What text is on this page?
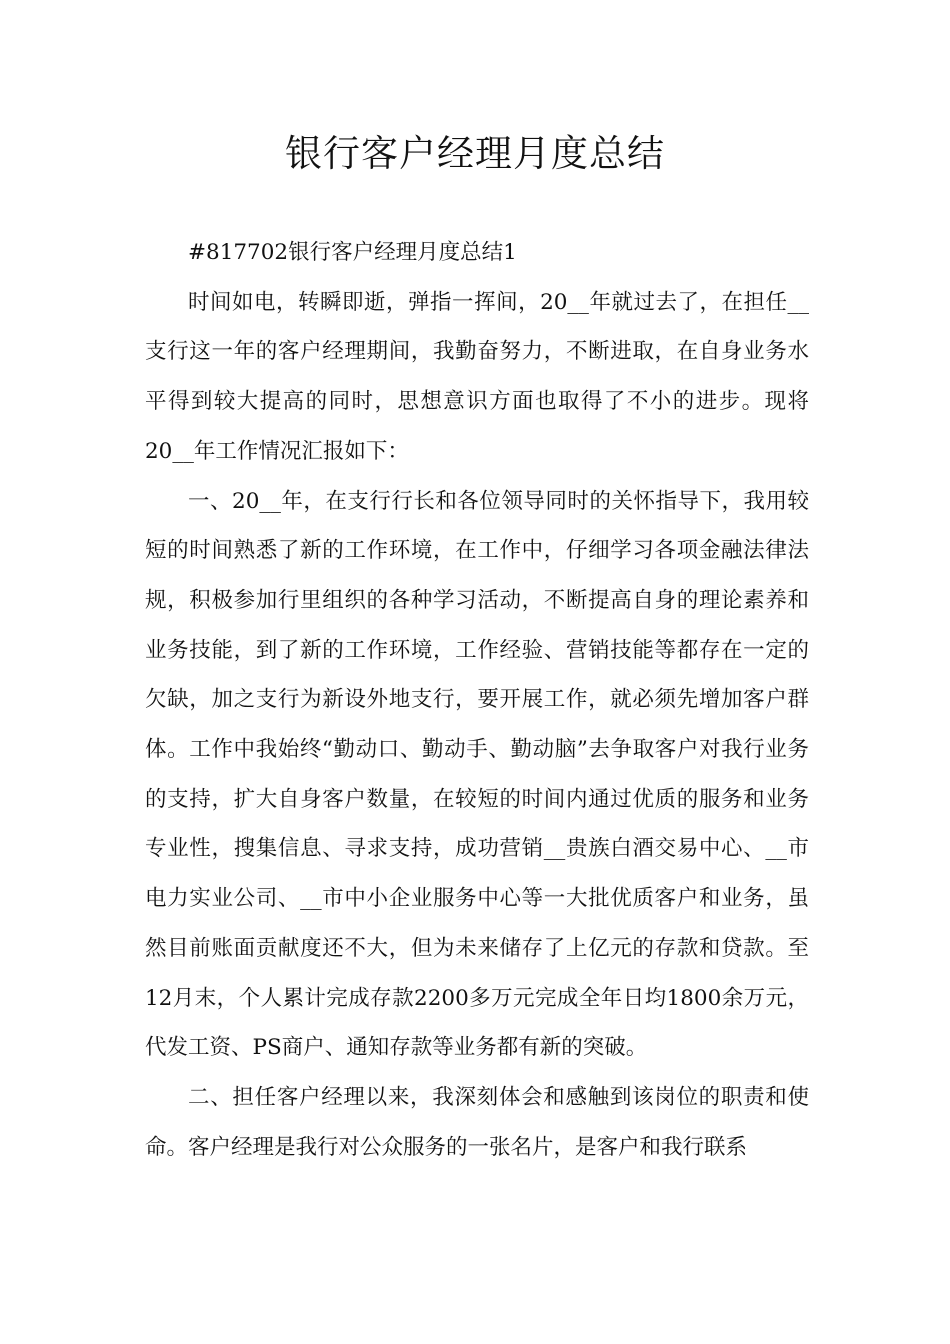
银行客户经理月度总结

#817702银行客户经理月度总结1

时间如电，转瞬即逝，弹指一挥间，20__年就过去了，在担任__支行这一年的客户经理期间，我勤奋努力，不断进取，在自身业务水平得到较大提高的同时，思想意识方面也取得了不小的进步。现将20__年工作情况汇报如下：

一、20__年，在支行行长和各位领导同时的关怀指导下，我用较短的时间熟悉了新的工作环境，在工作中，仔细学习各项金融法律法规，积极参加行里组织的各种学习活动，不断提高自身的理论素养和业务技能，到了新的工作环境，工作经验、营销技能等都存在一定的欠缺，加之支行为新设外地支行，要开展工作，就必须先增加客户群体。工作中我始终“勤动口、勤动手、勤动脑”去争取客户对我行业务的支持，扩大自身客户数量，在较短的时间内通过优质的服务和业务专业性，搜集信息、寻求支持，成功营销__贵族白酒交易中心、__市电力实业公司、__市中小企业服务中心等一大批优质客户和业务，虽然目前账面贡献度还不大，但为未来储存了上亿元的存款和贷款。至12月末，个人累计完成存款2200多万元完成全年日均1800余万元，代发工资、PS商户、通知存款等业务都有新的突破。

二、担任客户经理以来，我深刻体会和感触到该岗位的职责和使命。客户经理是我行对公众服务的一张名片，是客户和我行联系
